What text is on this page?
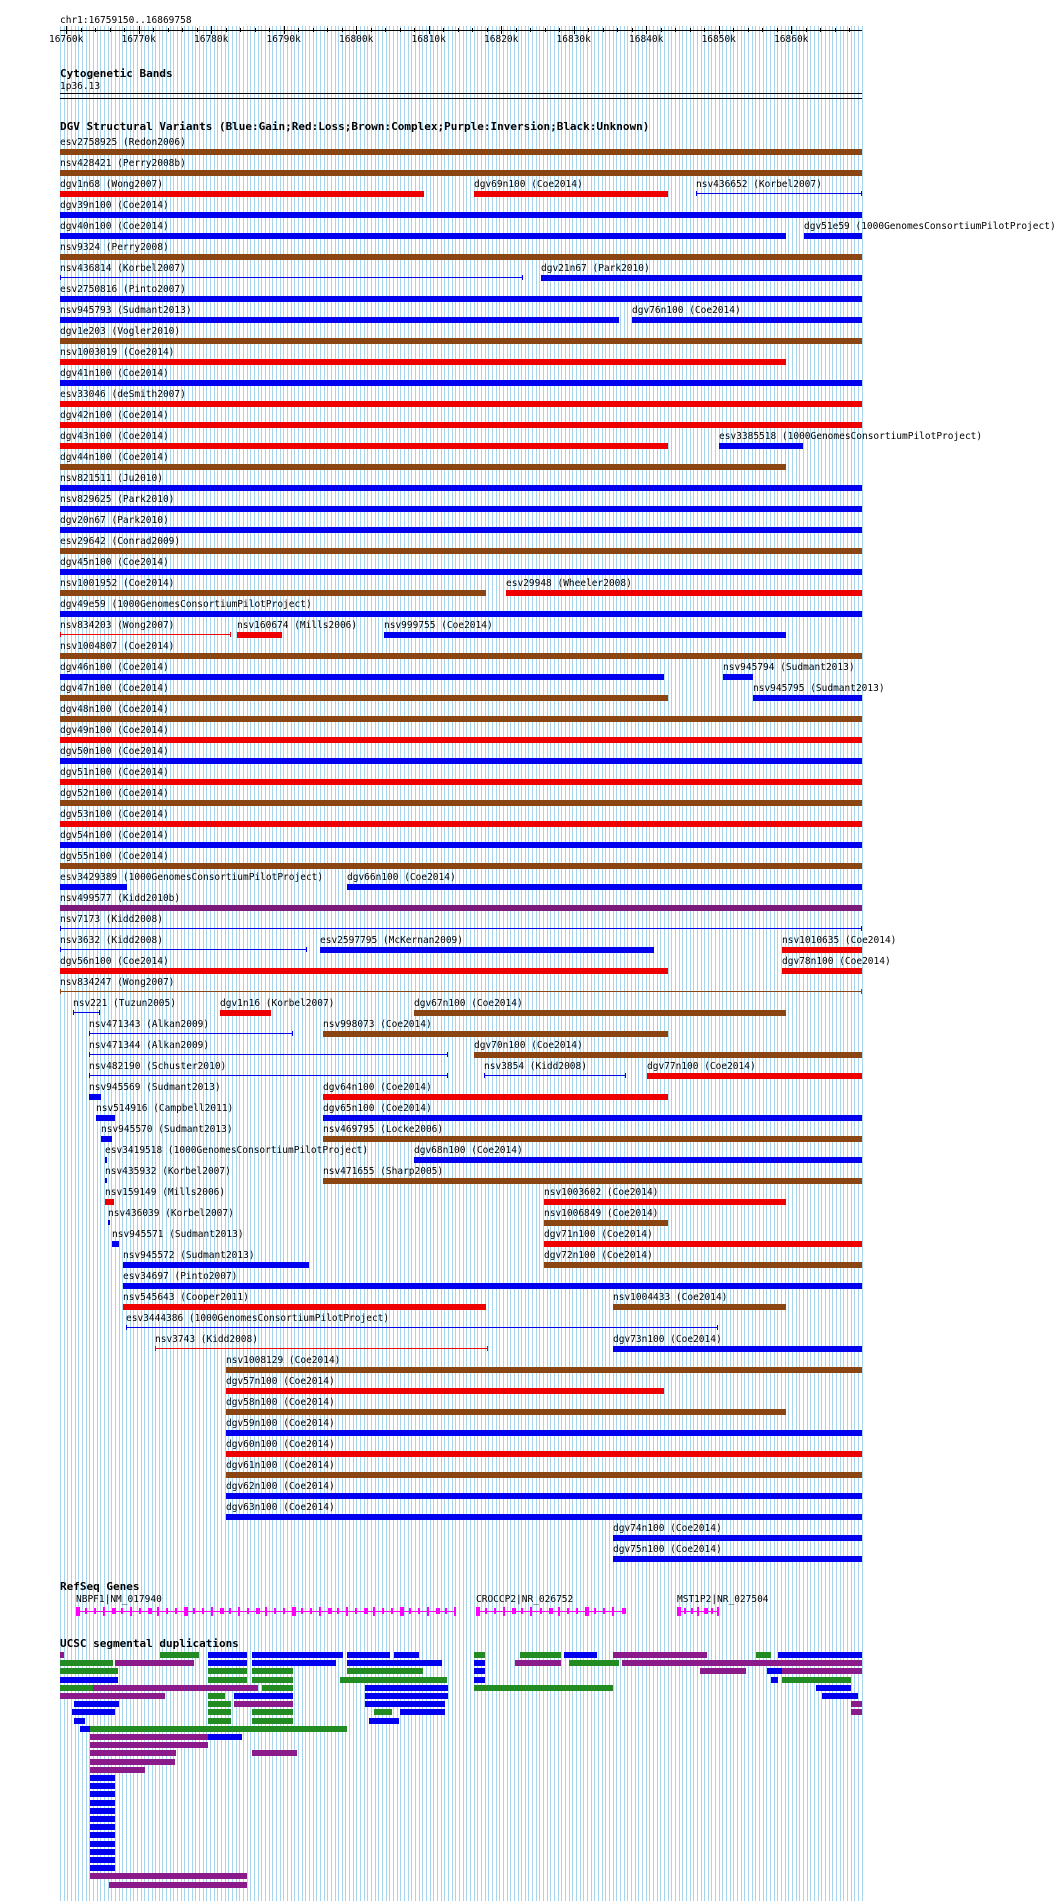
chr1:16759150..16869758
16760k	16770k	16780k	16790k	16800k	16810k	16820k	16830k	16840k	16850k	16860k
Cytogenetic Bands
1p36.13
DGV Structural Variants (Blue:Gain;Red:Loss;Brown:Complex;Purple:Inversion;Black:Unknown)
esv2758925 (Redon2006)
nsv428421 (Perry2008b)
dgv1n68 (Wong2007)	dgv69n100 (Coe2014)	nsv436652 (Korbel2007)
dgv39n100 (Coe2014)
dgv40n100 (Coe2014)	dgv51e59 (1000GenomesConsortiumPilotProject)
nsv9324 (Perry2008)
nsv436814 (Korbel2007)	dgv21n67 (Park2010)
esv2750816 (Pinto2007)
nsv945793 (Sudmant2013)	dgv76n100 (Coe2014)
dgv1e203 (Vogler2010)
nsv1003019 (Coe2014)
dgv41n100 (Coe2014)
esv33046 (deSmith2007)
dgv42n100 (Coe2014)
dgv43n100 (Coe2014)	esv3385518 (1000GenomesConsortiumPilotProject)
dgv44n100 (Coe2014)
nsv821511 (Ju2010)
nsv829625 (Park2010)
dgv20n67 (Park2010)
esv29642 (Conrad2009)
dgv45n100 (Coe2014)
nsv1001952 (Coe2014)	esv29948 (Wheeler2008)
dgv49e59 (1000GenomesConsortiumPilotProject)
nsv834203 (Wong2007)	nsv160674 (Mills2006)	nsv999755 (Coe2014)
nsv1004807 (Coe2014)
dgv46n100 (Coe2014)	nsv945794 (Sudmant2013)
dgv47n100 (Coe2014)	nsv945795 (Sudmant2013)
dgv48n100 (Coe2014)
dgv49n100 (Coe2014)
dgv50n100 (Coe2014)
dgv51n100 (Coe2014)
dgv52n100 (Coe2014)
dgv53n100 (Coe2014)
dgv54n100 (Coe2014)
dgv55n100 (Coe2014)
esv3429389 (1000GenomesConsortiumPilotProject)	dgv66n100 (Coe2014)
nsv499577 (Kidd2010b)
nsv7173 (Kidd2008)
nsv3632 (Kidd2008)	esv2597795 (McKernan2009)	nsv1010635 (Coe2014)
dgv56n100 (Coe2014)	dgv78n100 (Coe2014)
nsv834247 (Wong2007)
nsv221 (Tuzun2005)	dgv1n16 (Korbel2007)	dgv67n100 (Coe2014)
nsv471343 (Alkan2009)	nsv998073 (Coe2014)
nsv471344 (Alkan2009)	dgv70n100 (Coe2014)
nsv482190 (Schuster2010)	nsv3854 (Kidd2008)	dgv77n100 (Coe2014)
nsv945569 (Sudmant2013)	dgv64n100 (Coe2014)
nsv514916 (Campbell2011)	dgv65n100 (Coe2014)
nsv945570 (Sudmant2013)	nsv469795 (Locke2006)
esv3419518 (1000GenomesConsortiumPilotProject)	dgv68n100 (Coe2014)
nsv435932 (Korbel2007)	nsv471655 (Sharp2005)
nsv159149 (Mills2006)	nsv1003602 (Coe2014)
nsv436039 (Korbel2007)	nsv1006849 (Coe2014)
nsv945571 (Sudmant2013)	dgv71n100 (Coe2014)
nsv945572 (Sudmant2013)	dgv72n100 (Coe2014)
esv34697 (Pinto2007)
nsv545643 (Cooper2011)	nsv1004433 (Coe2014)
esv3444386 (1000GenomesConsortiumPilotProject)
nsv3743 (Kidd2008)	dgv73n100 (Coe2014)
nsv1008129 (Coe2014)
dgv57n100 (Coe2014)
dgv58n100 (Coe2014)
dgv59n100 (Coe2014)
dgv60n100 (Coe2014)
dgv61n100 (Coe2014)
dgv62n100 (Coe2014)
dgv63n100 (Coe2014)
dgv74n100 (Coe2014)
dgv75n100 (Coe2014)
RefSeq Genes
NBPF1|NM_017940	CROCCP2|NR_026752	MST1P2|NR_027504
UCSC segmental duplications
